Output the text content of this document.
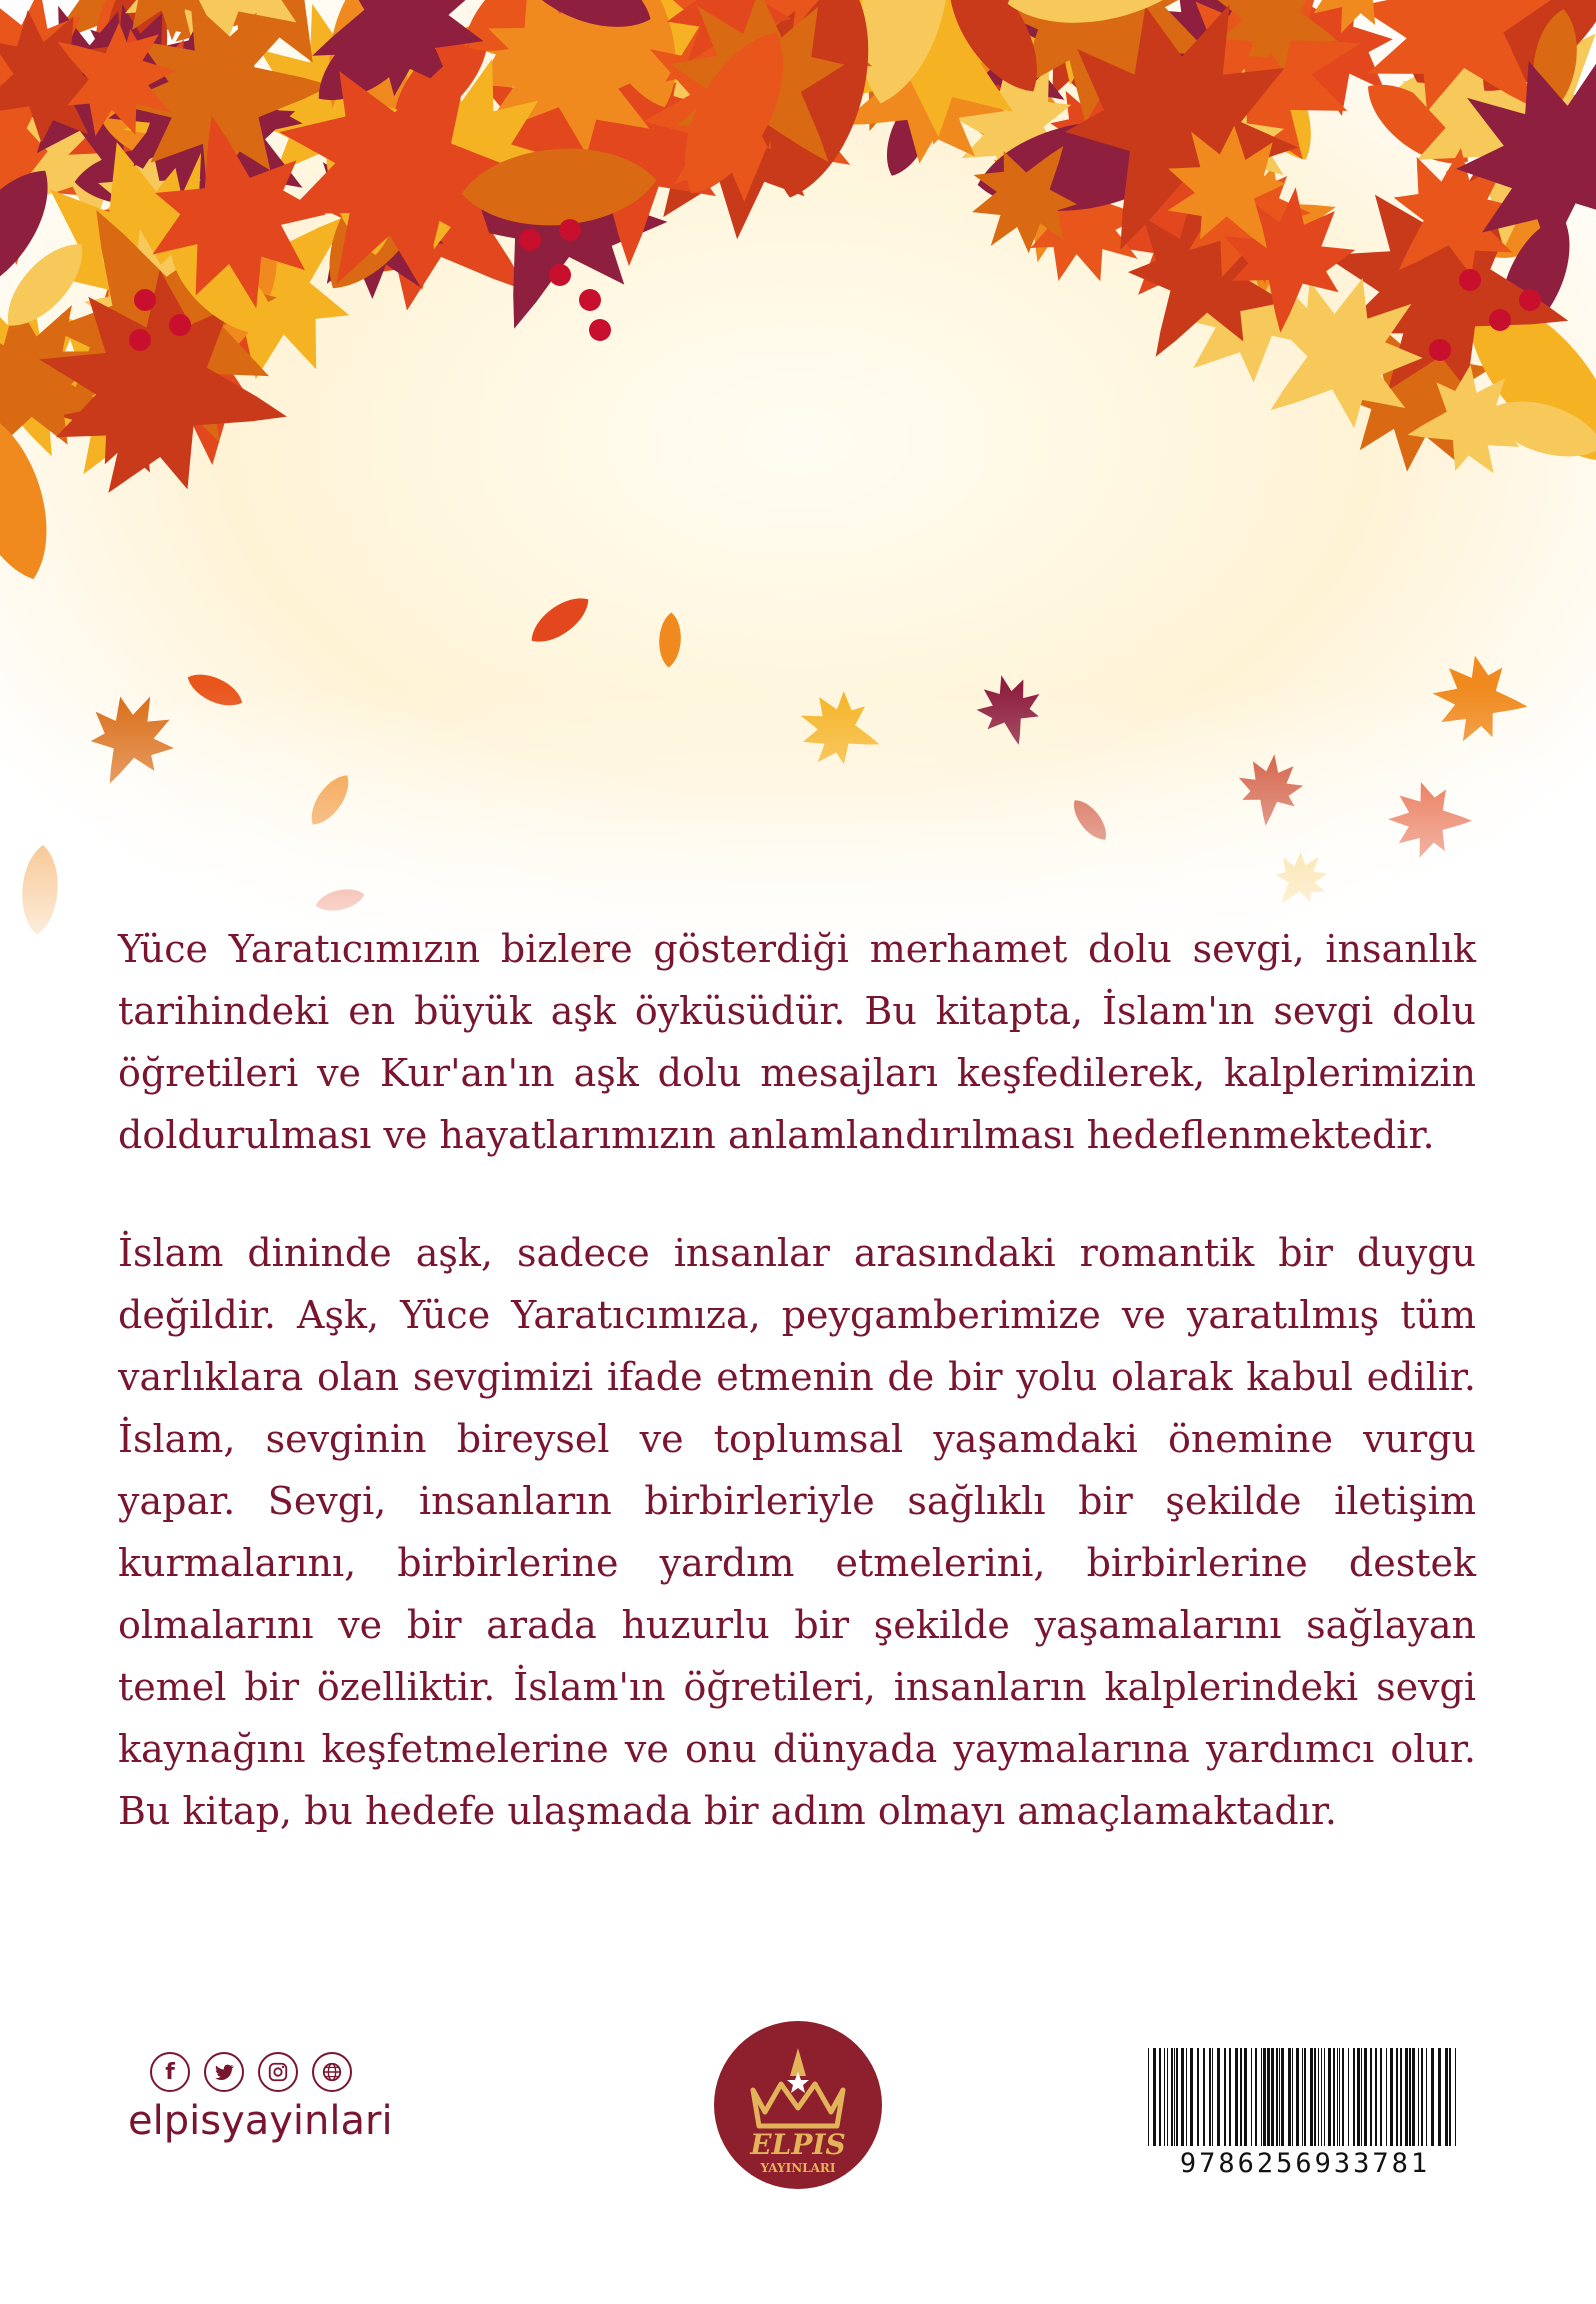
Yüce Yaratıcımızın bizlere gösterdiği merhamet dolu sevgi, insanlık tarihindeki en büyük aşk öyküsüdür. Bu kitapta, İslam'ın sevgi dolu öğretileri ve Kur'an'ın aşk dolu mesajları keşfedilerek, kalplerimizin doldurulması ve hayatlarımızın anlamlandırılması hedeflenmektedir.

İslam dininde aşk, sadece insanlar arasındaki romantik bir duygu değildir. Aşk, Yüce Yaratıcımıza, peygamberimize ve yaratılmış tüm varlıklara olan sevgimizi ifade etmenin de bir yolu olarak kabul edilir. İslam, sevginin bireysel ve toplumsal yaşamdaki önemine vurgu yapar. Sevgi, insanların birbirleriyle sağlıklı bir şekilde iletişim kurmalarını, birbirlerine yardım etmelerini, birbirlerine destek olmalarını ve bir arada huzurlu bir şekilde yaşamalarını sağlayan temel bir özelliktir. İslam'ın öğretileri, insanların kalplerindeki sevgi kaynağını keşfetmelerine ve onu dünyada yaymalarına yardımcı olur. Bu kitap, bu hedefe ulaşmada bir adım olmayı amaçlamaktadır.

f
elpisyayinlari
ELPIS
YAYINLARI	9786256933781
